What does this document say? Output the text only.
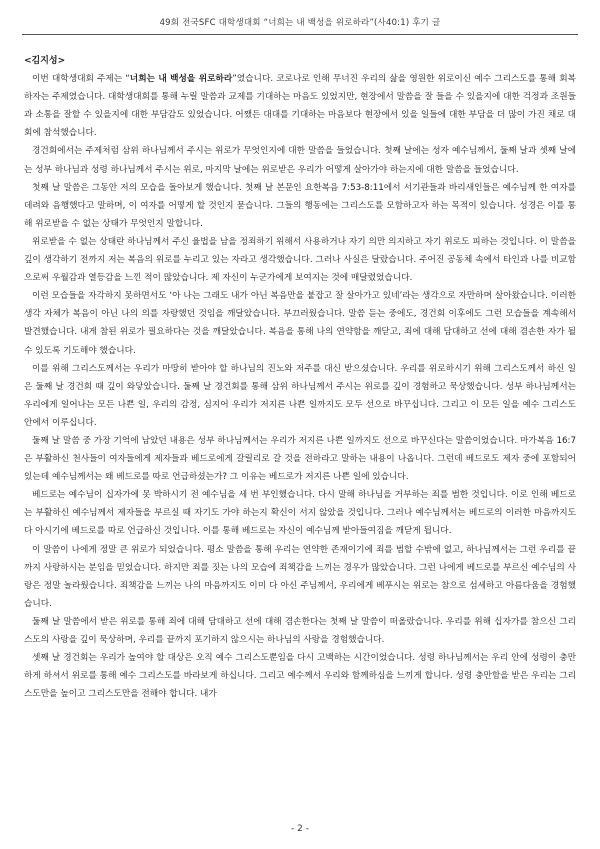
49회 전국SFC 대학생대회 “너희는 내 백성을 위로하라”(사40:1) 후기 글

<김지성>

이번 대학생대회 주제는 “너희는 내 백성을 위로하라”였습니다. 코로나로 인해 무너진 우리의 삶을 영원한 위로이신 예수 그리스도를 통해 회복하자는 주제였습니다. 대학생대회를 통해 누릴 말씀과 교제를 기대하는 마음도 있었지만, 현장에서 말씀을 잘 들을 수 있을지에 대한 걱정과 조원들과 소통을 잘할 수 있을지에 대한 부담감도 있었습니다. 어쨌든 대대를 기대하는 마음보다 현장에서 있을 일들에 대한 부담을 더 많이 가진 채로 대회에 참석했습니다.

경건회에서는 주제처럼 삼위 하나님께서 주시는 위로가 무엇인지에 대한 말씀을 들었습니다. 첫째 날에는 성자 예수님께서, 둘째 날과 셋째 날에는 성부 하나님과 성령 하나님께서 주시는 위로, 마지막 날에는 위로받은 우리가 어떻게 살아가야 하는지에 대한 말씀을 들었습니다.

첫째 날 말씀은 그동안 저의 모습을 돌아보게 했습니다. 첫째 날 본문인 요한복음 7:53-8:11에서 서기관들과 바리새인들은 예수님께 한 여자를 데려와 음행했다고 말하며, 이 여자를 어떻게 할 것인지 묻습니다. 그들의 행동에는 그리스도를 모함하고자 하는 목적이 있습니다. 성경은 이를 통해 위로받을 수 없는 상태가 무엇인지 말합니다.

위로받을 수 없는 상태란 하나님께서 주신 율법을 남을 정죄하기 위해서 사용하거나 자기 의만 의지하고 자기 위로도 피하는 것입니다. 이 말씀을 깊이 생각하기 전까지 저는 복음의 위로를 누리고 있는 자라고 생각했습니다. 그러나 사실은 달랐습니다. 주어진 공동체 속에서 타인과 나를 비교함으로써 우월감과 열등감을 느낀 적이 많았습니다. 제 자신이 누군가에게 보여지는 것에 매달렸었습니다.

이런 모습들을 자각하지 못하면서도 ‘아 나는 그래도 내가 아닌 복음만을 붙잡고 잘 살아가고 있네’라는 생각으로 자만하며 살아왔습니다. 이러한 생각 자체가 복음이 아닌 나의 의를 자랑했던 것임을 깨달았습니다. 부끄러웠습니다. 말씀 듣는 중에도, 경건회 이후에도 그런 모습들을 계속해서 발견했습니다. 내게 참된 위로가 필요하다는 것을 깨달았습니다. 복음을 통해 나의 연약함을 깨닫고, 죄에 대해 담대하고 선에 대해 겸손한 자가 될 수 있도록 기도해야 했습니다.

이를 위해 그리스도께서는 우리가 마땅히 받아야 할 하나님의 진노와 저주를 대신 받으셨습니다. 우리를 위로하시기 위해 그리스도께서 하신 일은 둘째 날 경건회 때 깊이 와닿았습니다. 둘째 날 경건회를 통해 삼위 하나님께서 주시는 위로를 깊이 경험하고 묵상했습니다. 성부 하나님께서는 우리에게 일어나는 모든 나쁜 일, 우리의 감정, 심지어 우리가 저지른 나쁜 일까지도 모두 선으로 바꾸십니다. 그리고 이 모든 일을 예수 그리스도 안에서 이루십니다.

둘째 날 말씀 중 가장 기억에 남았던 내용은 성부 하나님께서는 우리가 저지른 나쁜 일까지도 선으로 바꾸신다는 말씀이었습니다. 마가복음 16:7은 부활하신 천사들이 여자들에게 제자들과 베드로에게 갈릴리로 갈 것을 전하라고 말하는 내용이 나옵니다. 그런데 베드로도 제자 중에 포함되어 있는데 예수님께서는 왜 베드로를 따로 언급하셨는가? 그 이유는 베드로가 저지른 나쁜 일에 있습니다.

베드로는 예수님이 십자가에 못 박하시기 전 예수님을 세 번 부인했습니다. 다시 말해 하나님을 거부하는 죄를 범한 것입니다. 이로 인해 베드로는 부활하신 예수님께서 제자들을 부르실 때 자기도 가야 하는지 확신이 서지 않았을 것입니다. 그러나 예수님께서는 베드로의 이러한 마음까지도 다 아시기에 베드로를 따로 언급하신 것입니다. 이를 통해 베드로는 자신이 예수님께 받아들여짐을 깨닫게 됩니다.

이 말씀이 나에게 정말 큰 위로가 되었습니다. 평소 말씀을 통해 우리는 연약한 존재이기에 죄를 범할 수밖에 없고, 하나님께서는 그런 우리를 끝까지 사랑하시는 분임을 믿었습니다. 하지만 죄를 짓는 나의 모습에 죄책감을 느끼는 경우가 많았습니다. 그런 나에게 베드로를 부르신 예수님의 사랑은 정말 놀라웠습니다. 죄책감을 느끼는 나의 마음까지도 이미 다 아신 주님께서, 우리에게 베푸시는 위로는 참으로 섬세하고 아름다움을 경험했습니다.

둘째 날 말씀에서 받은 위로를 통해 죄에 대해 담대하고 선에 대해 겸손한다는 첫째 날 말씀이 떠올랐습니다. 우리를 위해 십자가를 참으신 그리스도의 사랑을 깊이 묵상하며, 우리를 끝까지 포기하지 않으시는 하나님의 사랑을 경험했습니다.

셋째 날 경건회는 우리가 높여야 할 대상은 오직 예수 그리스도뿐임을 다시 고백하는 시간이었습니다. 성령 하나님께서는 우리 안에 성령이 충만하게 하셔서 위로를 통해 예수 그리스도를 바라보게 하십니다. 그리고 예수께서 우리와 함께하심을 느끼게 합니다. 성령 충만함을 받은 우리는 그리스도만을 높이고 그리스도만을 전해야 합니다. 내가

- 2 -
